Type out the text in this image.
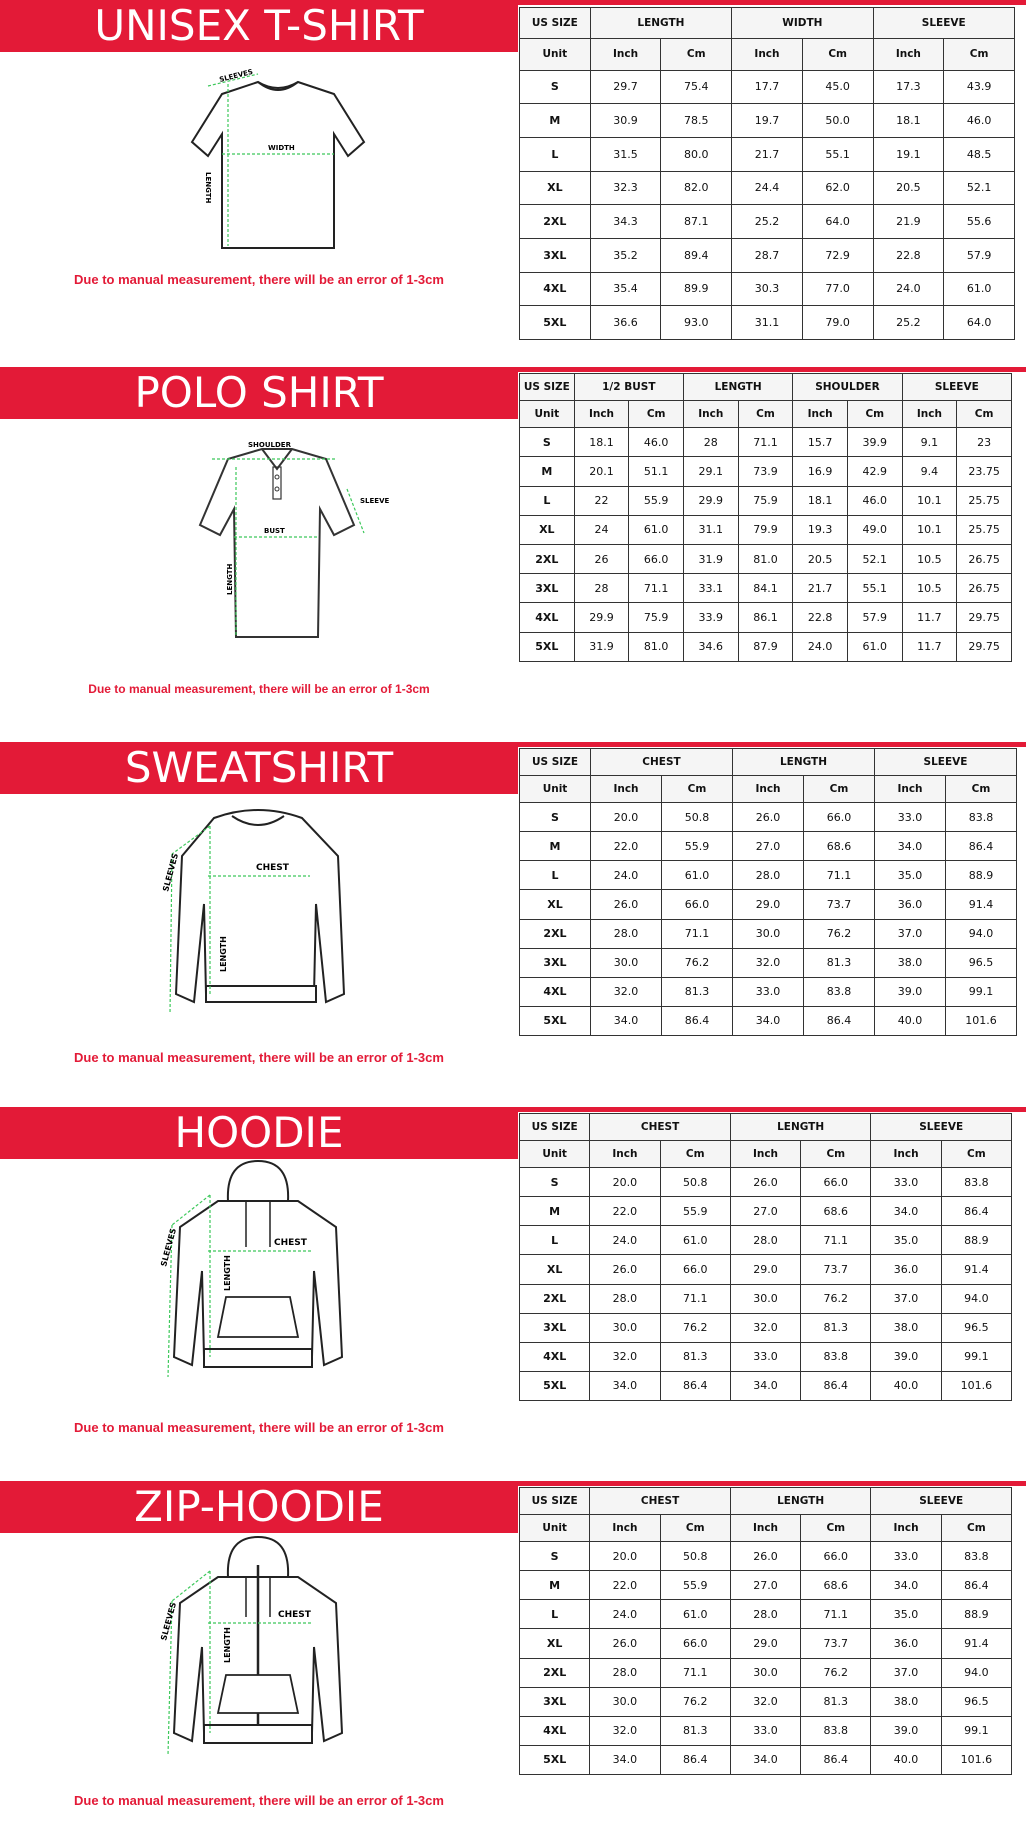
UNISEX T-SHIRT
SLEEVES
WIDTH
LENGTH
Due to manual measurement, there will be an error of 1-3cm
US SIZE	LENGTH		WIDTH		SLEEVE	
Unit	Inch	Cm	Inch	Cm	Inch	Cm
S	29.7	75.4	17.7	45.0	17.3	43.9
M	30.9	78.5	19.7	50.0	18.1	46.0
L	31.5	80.0	21.7	55.1	19.1	48.5
XL	32.3	82.0	24.4	62.0	20.5	52.1
2XL	34.3	87.1	25.2	64.0	21.9	55.6
3XL	35.2	89.4	28.7	72.9	22.8	57.9
4XL	35.4	89.9	30.3	77.0	24.0	61.0
5XL	36.6	93.0	31.1	79.0	25.2	64.0
POLO SHIRT
SHOULDER
SLEEVE
BUST
LENGTH
Due to manual measurement, there will be an error of 1-3cm
US SIZE	1/2 BUST		LENGTH		SHOULDER		SLEEVE	
Unit	Inch	Cm	Inch	Cm	Inch	Cm	Inch	Cm
S	18.1	46.0	28	71.1	15.7	39.9	9.1	23
M	20.1	51.1	29.1	73.9	16.9	42.9	9.4	23.75
L	22	55.9	29.9	75.9	18.1	46.0	10.1	25.75
XL	24	61.0	31.1	79.9	19.3	49.0	10.1	25.75
2XL	26	66.0	31.9	81.0	20.5	52.1	10.5	26.75
3XL	28	71.1	33.1	84.1	21.7	55.1	10.5	26.75
4XL	29.9	75.9	33.9	86.1	22.8	57.9	11.7	29.75
5XL	31.9	81.0	34.6	87.9	24.0	61.0	11.7	29.75
SWEATSHIRT
CHEST
SLEEVES
LENGTH
Due to manual measurement, there will be an error of 1-3cm
US SIZE	CHEST		LENGTH		SLEEVE	
Unit	Inch	Cm	Inch	Cm	Inch	Cm
S	20.0	50.8	26.0	66.0	33.0	83.8
M	22.0	55.9	27.0	68.6	34.0	86.4
L	24.0	61.0	28.0	71.1	35.0	88.9
XL	26.0	66.0	29.0	73.7	36.0	91.4
2XL	28.0	71.1	30.0	76.2	37.0	94.0
3XL	30.0	76.2	32.0	81.3	38.0	96.5
4XL	32.0	81.3	33.0	83.8	39.0	99.1
5XL	34.0	86.4	34.0	86.4	40.0	101.6
HOODIE
CHEST
SLEEVES
LENGTH
Due to manual measurement, there will be an error of 1-3cm
US SIZE	CHEST		LENGTH		SLEEVE	
Unit	Inch	Cm	Inch	Cm	Inch	Cm
S	20.0	50.8	26.0	66.0	33.0	83.8
M	22.0	55.9	27.0	68.6	34.0	86.4
L	24.0	61.0	28.0	71.1	35.0	88.9
XL	26.0	66.0	29.0	73.7	36.0	91.4
2XL	28.0	71.1	30.0	76.2	37.0	94.0
3XL	30.0	76.2	32.0	81.3	38.0	96.5
4XL	32.0	81.3	33.0	83.8	39.0	99.1
5XL	34.0	86.4	34.0	86.4	40.0	101.6
ZIP-HOODIE
CHEST
SLEEVES
LENGTH
Due to manual measurement, there will be an error of 1-3cm
US SIZE	CHEST		LENGTH		SLEEVE	
Unit	Inch	Cm	Inch	Cm	Inch	Cm
S	20.0	50.8	26.0	66.0	33.0	83.8
M	22.0	55.9	27.0	68.6	34.0	86.4
L	24.0	61.0	28.0	71.1	35.0	88.9
XL	26.0	66.0	29.0	73.7	36.0	91.4
2XL	28.0	71.1	30.0	76.2	37.0	94.0
3XL	30.0	76.2	32.0	81.3	38.0	96.5
4XL	32.0	81.3	33.0	83.8	39.0	99.1
5XL	34.0	86.4	34.0	86.4	40.0	101.6
